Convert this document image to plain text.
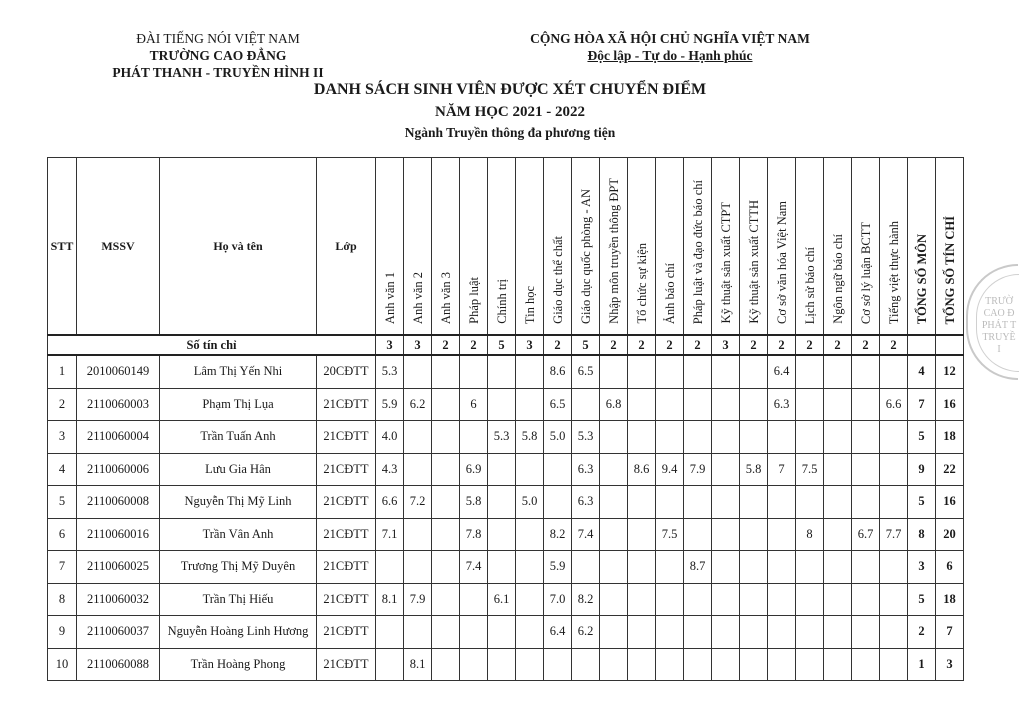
ĐÀI TIẾNG NÓI VIỆT NAM
TRƯỜNG CAO ĐẲNG
PHÁT THANH - TRUYỀN HÌNH II
CỘNG HÒA XÃ HỘI CHỦ NGHĨA VIỆT NAM
Độc lập - Tự do - Hạnh phúc
DANH SÁCH SINH VIÊN ĐƯỢC XÉT CHUYỂN ĐIỂM
NĂM HỌC 2021 - 2022
Ngành Truyền thông đa phương tiện
STT	MSSV	Họ và tên	Lớp	Anh văn 1	Anh văn 2	Anh văn 3	Pháp luật	Chính trị	Tin học	Giáo dục thể chất	Giáo dục quốc phòng - AN	Nhập môn truyền thông ĐPT	Tổ chức sự kiện	Ảnh báo chí	Pháp luật và đạo đức báo chí	Kỹ thuật sản xuất CTPT	Kỹ thuật sản xuất CTTH	Cơ sở văn hóa Việt Nam	Lịch sử báo chí	Ngôn ngữ báo chí	Cơ sở lý luận BCTT	Tiếng việt thực hành	TỔNG SỐ MÔN	TỔNG SỐ TÍN CHỈ
Số tín chỉ				3	3	2	2	5	3	2	5	2	2	2	2	3	2	2	2	2	2	2		
1	2010060149	Lâm Thị Yến Nhi	20CĐTT	5.3						8.6	6.5							6.4					4	12
2	2110060003	Phạm Thị Lụa	21CĐTT	5.9	6.2		6			6.5		6.8						6.3				6.6	7	16
3	2110060004	Trần Tuấn Anh	21CĐTT	4.0				5.3	5.8	5.0	5.3												5	18
4	2110060006	Lưu Gia Hân	21CĐTT	4.3			6.9				6.3		8.6	9.4	7.9		5.8	7	7.5				9	22
5	2110060008	Nguyễn Thị Mỹ Linh	21CĐTT	6.6	7.2		5.8		5.0		6.3												5	16
6	2110060016	Trần Vân Anh	21CĐTT	7.1			7.8			8.2	7.4			7.5					8		6.7	7.7	8	20
7	2110060025	Trương Thị Mỹ Duyên	21CĐTT				7.4			5.9					8.7								3	6
8	2110060032	Trần Thị Hiếu	21CĐTT	8.1	7.9			6.1		7.0	8.2												5	18
9	2110060037	Nguyễn Hoàng Linh Hương	21CĐTT							6.4	6.2												2	7
10	2110060088	Trần Hoàng Phong	21CĐTT		8.1																		1	3
TRƯỜ
CAO Đ
PHÁT T
TRUYỀ
I
